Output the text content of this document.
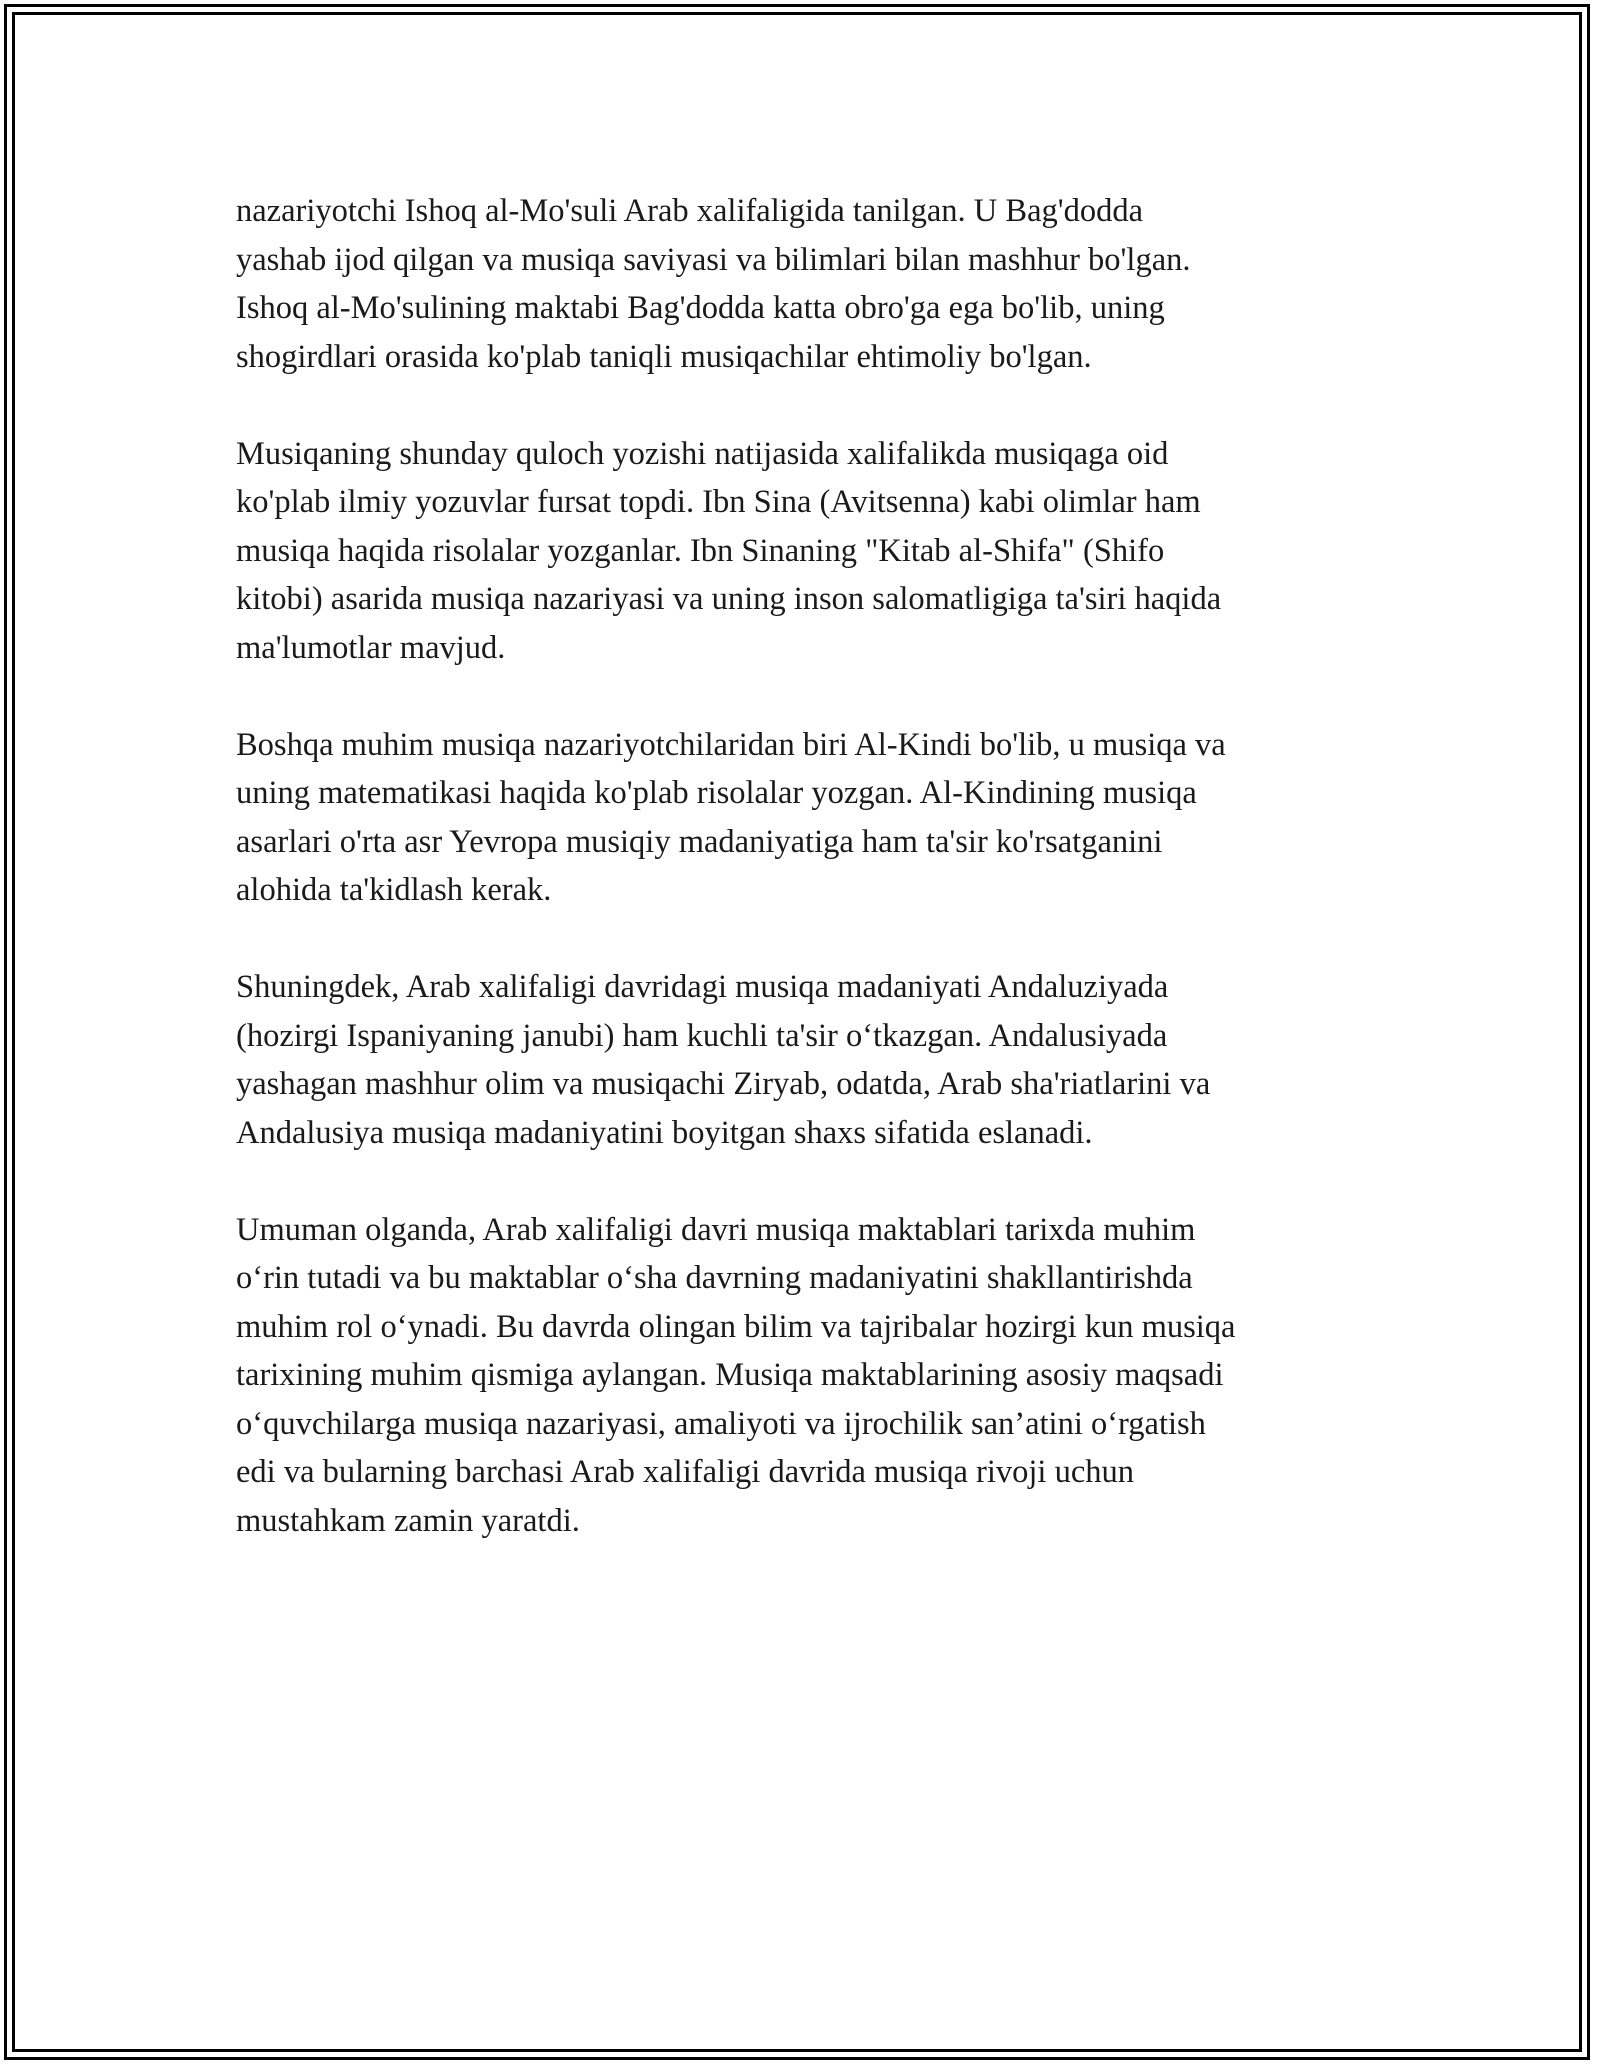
nazariyotchi Ishoq al-Mo'suli Arab xalifaligida tanilgan. U Bag'dodda
yashab ijod qilgan va musiqa saviyasi va bilimlari bilan mashhur bo'lgan.
Ishoq al-Mo'sulining maktabi Bag'dodda katta obro'ga ega bo'lib, uning
shogirdlari orasida ko'plab taniqli musiqachilar ehtimoliy bo'lgan.

Musiqaning shunday quloch yozishi natijasida xalifalikda musiqaga oid
ko'plab ilmiy yozuvlar fursat topdi. Ibn Sina (Avitsenna) kabi olimlar ham
musiqa haqida risolalar yozganlar. Ibn Sinaning "Kitab al-Shifa" (Shifo
kitobi) asarida musiqa nazariyasi va uning inson salomatligiga ta'siri haqida
ma'lumotlar mavjud.

Boshqa muhim musiqa nazariyotchilaridan biri Al-Kindi bo'lib, u musiqa va
uning matematikasi haqida ko'plab risolalar yozgan. Al-Kindining musiqa
asarlari o'rta asr Yevropa musiqiy madaniyatiga ham ta'sir ko'rsatganini
alohida ta'kidlash kerak.

Shuningdek, Arab xalifaligi davridagi musiqa madaniyati Andaluziyada
(hozirgi Ispaniyaning janubi) ham kuchli ta'sir o‘tkazgan. Andalusiyada
yashagan mashhur olim va musiqachi Ziryab, odatda, Arab sha'riatlarini va
Andalusiya musiqa madaniyatini boyitgan shaxs sifatida eslanadi.

Umuman olganda, Arab xalifaligi davri musiqa maktablari tarixda muhim
o‘rin tutadi va bu maktablar o‘sha davrning madaniyatini shakllantirishda
muhim rol o‘ynadi. Bu davrda olingan bilim va tajribalar hozirgi kun musiqa
tarixining muhim qismiga aylangan. Musiqa maktablarining asosiy maqsadi
o‘quvchilarga musiqa nazariyasi, amaliyoti va ijrochilik san’atini o‘rgatish
edi va bularning barchasi Arab xalifaligi davrida musiqa rivoji uchun
mustahkam zamin yaratdi.
